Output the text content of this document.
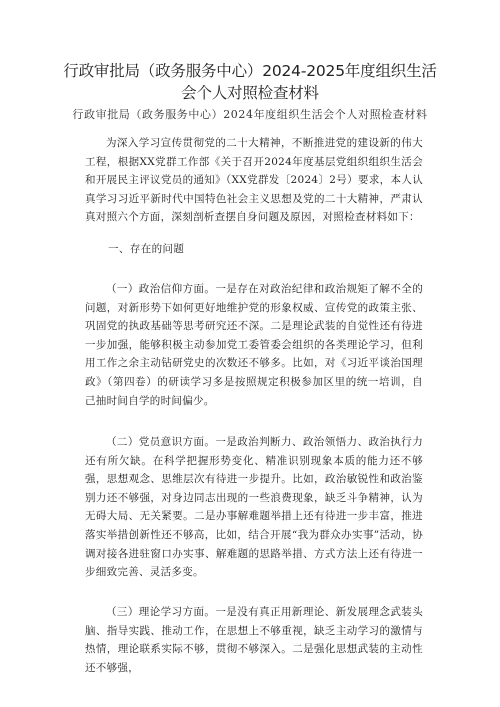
行政审批局（政务服务中心）2024-2025年度组织生活
会个人对照检查材料
行政审批局（政务服务中心）2024年度组织生活会个人对照检查材料

为深入学习宣传贯彻党的二十大精神，不断推进党的建设新的伟大工程，根据XX党群工作部《关于召开2024年度基层党组织组织生活会和开展民主评议党员的通知》（XX党群发〔2024〕2号）要求，本人认真学习习近平新时代中国特色社会主义思想及党的二十大精神，严肃认真对照六个方面，深刻剖析查摆自身问题及原因，对照检查材料如下：

一、存在的问题

（一）政治信仰方面。一是存在对政治纪律和政治规矩了解不全的问题，对新形势下如何更好地维护党的形象权威、宣传党的政策主张、巩固党的执政基础等思考研究还不深。二是理论武装的自觉性还有待进一步加强，能够积极主动参加党工委管委会组织的各类理论学习，但利用工作之余主动钻研党史的次数还不够多。比如，对《习近平谈治国理政》（第四卷）的研读学习多是按照规定积极参加区里的统一培训，自己抽时间自学的时间偏少。

（二）党员意识方面。一是政治判断力、政治领悟力、政治执行力还有所欠缺。在科学把握形势变化、精准识别现象本质的能力还不够强，思想观念、思维层次有待进一步提升。比如，政治敏锐性和政治鉴别力还不够强，对身边同志出现的一些浪费现象，缺乏斗争精神，认为无碍大局、无关紧要。二是办事解难题举措上还有待进一步丰富，推进落实举措创新性还不够高，比如，结合开展“我为群众办实事”活动，协调对接各进驻窗口办实事、解难题的思路举措、方式方法上还有待进一步细致完善、灵活多变。

（三）理论学习方面。一是没有真正用新理论、新发展理念武装头脑、指导实践、推动工作，在思想上不够重视，缺乏主动学习的激情与热情，理论联系实际不够，贯彻不够深入。二是强化思想武装的主动性还不够强，
